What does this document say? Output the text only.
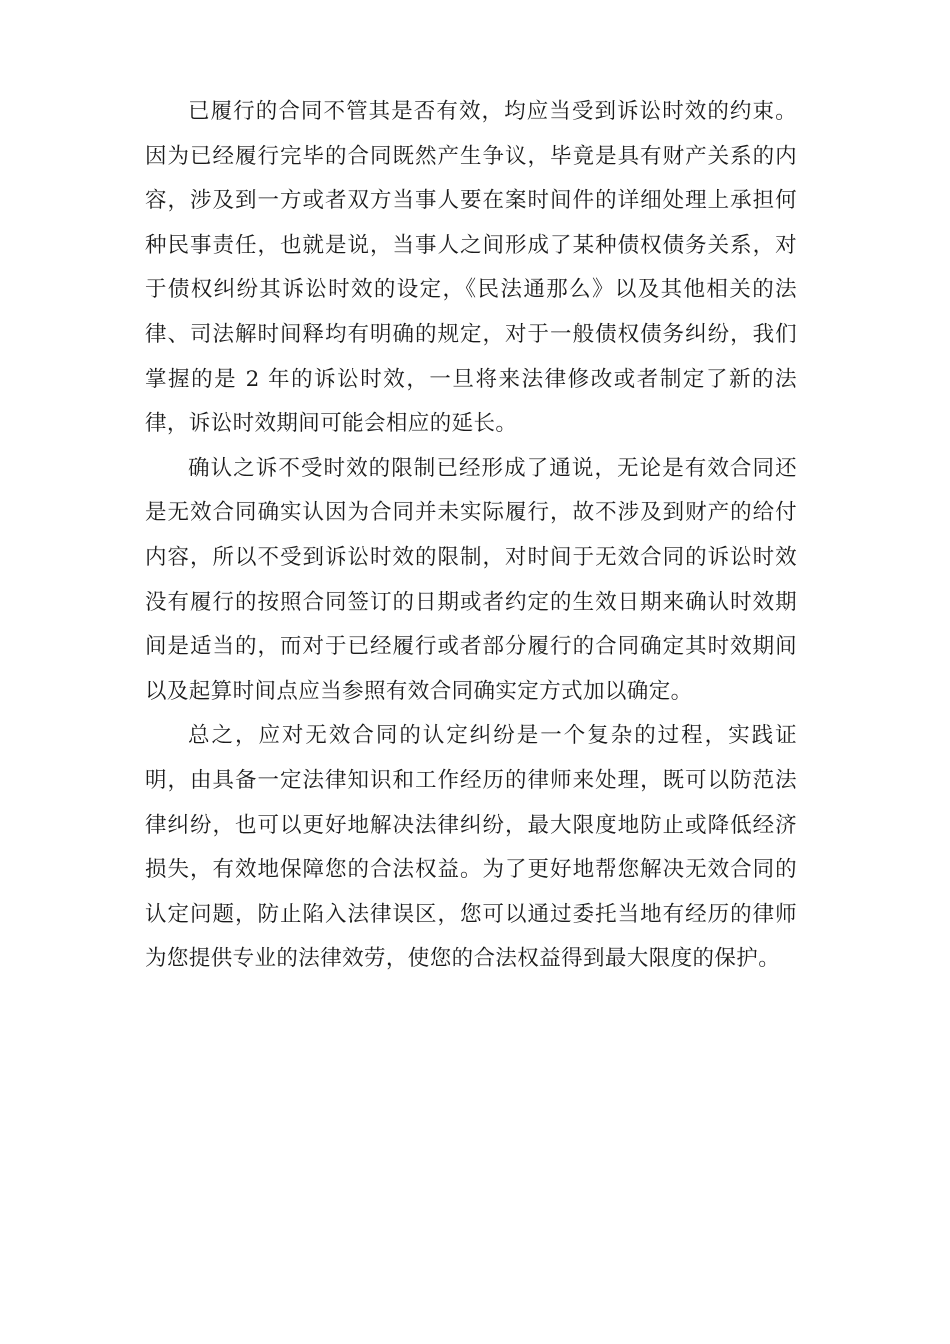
已履行的合同不管其是否有效，均应当受到诉讼时效的约束。因为已经履行完毕的合同既然产生争议，毕竟是具有财产关系的内容，涉及到一方或者双方当事人要在案时间件的详细处理上承担何种民事责任，也就是说，当事人之间形成了某种债权债务关系，对于债权纠纷其诉讼时效的设定，《民法通那么》以及其他相关的法律、司法解时间释均有明确的规定，对于一般债权债务纠纷，我们掌握的是 2 年的诉讼时效，一旦将来法律修改或者制定了新的法律，诉讼时效期间可能会相应的延长。

确认之诉不受时效的限制已经形成了通说，无论是有效合同还是无效合同确实认因为合同并未实际履行，故不涉及到财产的给付内容，所以不受到诉讼时效的限制，对时间于无效合同的诉讼时效没有履行的按照合同签订的日期或者约定的生效日期来确认时效期间是适当的，而对于已经履行或者部分履行的合同确定其时效期间以及起算时间点应当参照有效合同确实定方式加以确定。

总之，应对无效合同的认定纠纷是一个复杂的过程，实践证明，由具备一定法律知识和工作经历的律师来处理，既可以防范法律纠纷，也可以更好地解决法律纠纷，最大限度地防止或降低经济损失，有效地保障您的合法权益。为了更好地帮您解决无效合同的认定问题，防止陷入法律误区，您可以通过委托当地有经历的律师为您提供专业的法律效劳，使您的合法权益得到最大限度的保护。
